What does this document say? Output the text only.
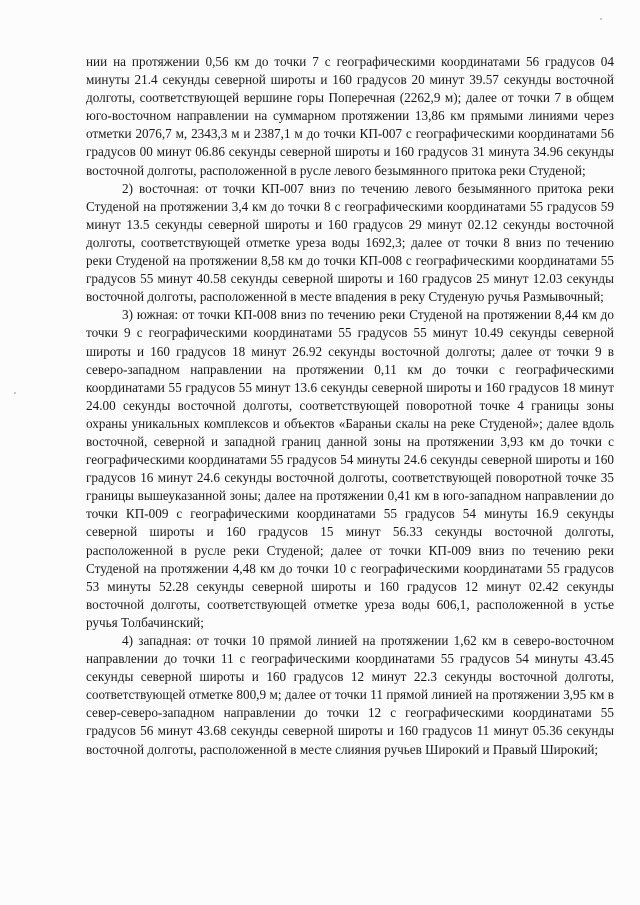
нии на протяжении 0,56 км до точки 7 с географическими координатами 56 градусов 04 минуты 21.4 секунды северной широты и 160 градусов 20 минут 39.57 секунды восточной долготы, соответствующей вершине горы Поперечная (2262,9 м); далее от точки 7 в общем юго-восточном направлении на суммарном протяжении 13,86 км прямыми линиями через отметки 2076,7 м, 2343,3 м и 2387,1 м до точки КП-007 с географическими координатами 56 градусов 00 минут 06.86 секунды северной широты и 160 градусов 31 минута 34.96 секунды восточной долготы, расположенной в русле левого безымянного притока реки Студеной;

2) восточная: от точки КП-007 вниз по течению левого безымянного притока реки Студеной на протяжении 3,4 км до точки 8 с географическими координатами 55 градусов 59 минут 13.5 секунды северной широты и 160 градусов 29 минут 02.12 секунды восточной долготы, соответствующей отметке уреза воды 1692,3; далее от точки 8 вниз по течению реки Студеной на протяжении 8,58 км до точки КП-008 с географическими координатами 55 градусов 55 минут 40.58 секунды северной широты и 160 градусов 25 минут 12.03 секунды восточной долготы, расположенной в месте впадения в реку Студеную ручья Размывочный;

3) южная: от точки КП-008 вниз по течению реки Студеной на протяжении 8,44 км до точки 9 с географическими координатами 55 градусов 55 минут 10.49 секунды северной широты и 160 градусов 18 минут 26.92 секунды восточной долготы; далее от точки 9 в северо-западном направлении на протяжении 0,11 км до точки с географическими координатами 55 градусов 55 минут 13.6 секунды северной широты и 160 градусов 18 минут 24.00 секунды восточной долготы, соответствующей поворотной точке 4 границы зоны охраны уникальных комплексов и объектов «Бараньи скалы на реке Студеной»; далее вдоль восточной, северной и западной границ данной зоны на протяжении 3,93 км до точки с географическими координатами 55 градусов 54 минуты 24.6 секунды северной широты и 160 градусов 16 минут 24.6 секунды восточной долготы, соответствующей поворотной точке 35 границы вышеуказанной зоны; далее на протяжении 0,41 км в юго-западном направлении до точки КП-009 с географическими координатами 55 градусов 54 минуты 16.9 секунды северной широты и 160 градусов 15 минут 56.33 секунды восточной долготы, расположенной в русле реки Студеной; далее от точки КП-009 вниз по течению реки Студеной на протяжении 4,48 км до точки 10 с географическими координатами 55 градусов 53 минуты 52.28 секунды северной широты и 160 градусов 12 минут 02.42 секунды восточной долготы, соответствующей отметке уреза воды 606,1, расположенной в устье ручья Толбачинский;

4) западная: от точки 10 прямой линией на протяжении 1,62 км в северо-восточном направлении до точки 11 с географическими координатами 55 градусов 54 минуты 43.45 секунды северной широты и 160 градусов 12 минут 22.3 секунды восточной долготы, соответствующей отметке 800,9 м; далее от точки 11 прямой линией на протяжении 3,95 км в север-северо-западном направлении до точки 12 с географическими координатами 55 градусов 56 минут 43.68 секунды северной широты и 160 градусов 11 минут 05.36 секунды восточной долготы, расположенной в месте слияния ручьев Широкий и Правый Широкий;
